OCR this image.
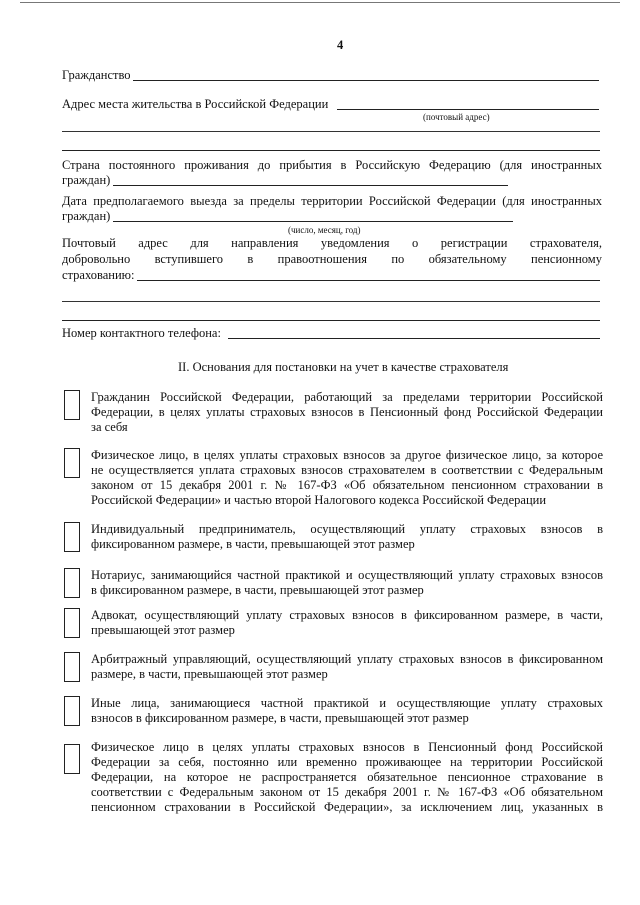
4
Гражданство
Адрес места жительства в Российской Федерации
(почтовый адрес)
Страна постоянного проживания до прибытия в Российскую Федерацию (для иностранных
граждан)
Дата предполагаемого выезда за пределы территории Российской Федерации (для иностранных
граждан)
(число, месяц, год)
Почтовый адрес для направления уведомления о регистрации страхователя,
добровольно вступившего в правоотношения по обязательному пенсионному
страхованию:
Номер контактного телефона:
II. Основания для постановки на учет в качестве страхователя

Гражданин Российской Федерации, работающий за пределами территории Российской

Федерации, в целях уплаты страховых взносов в Пенсионный фонд Российской Федерации

за себя

Физическое лицо, в целях уплаты страховых взносов за другое физическое лицо, за которое

не осуществляется уплата страховых взносов страхователем в соответствии с Федеральным

законом от 15 декабря 2001 г. № 167-ФЗ «Об обязательном пенсионном страховании в

Российской Федерации» и частью второй Налогового кодекса Российской Федерации

Индивидуальный предприниматель, осуществляющий уплату страховых взносов в

фиксированном размере, в части, превышающей этот размер

Нотариус, занимающийся частной практикой и осуществляющий уплату страховых взносов

в фиксированном размере, в части, превышающей этот размер

Адвокат, осуществляющий уплату страховых взносов в фиксированном размере, в части,

превышающей этот размер

Арбитражный управляющий, осуществляющий уплату страховых взносов в фиксированном

размере, в части, превышающей этот размер

Иные лица, занимающиеся частной практикой и осуществляющие уплату страховых

взносов в фиксированном размере, в части, превышающей этот размер

Физическое лицо в целях уплаты страховых взносов в Пенсионный фонд Российской

Федерации за себя, постоянно или временно проживающее на территории Российской

Федерации, на которое не распространяется обязательное пенсионное страхование в

соответствии с Федеральным законом от 15 декабря 2001 г. № 167-ФЗ «Об обязательном

пенсионном страховании в Российской Федерации», за исключением лиц, указанных в
